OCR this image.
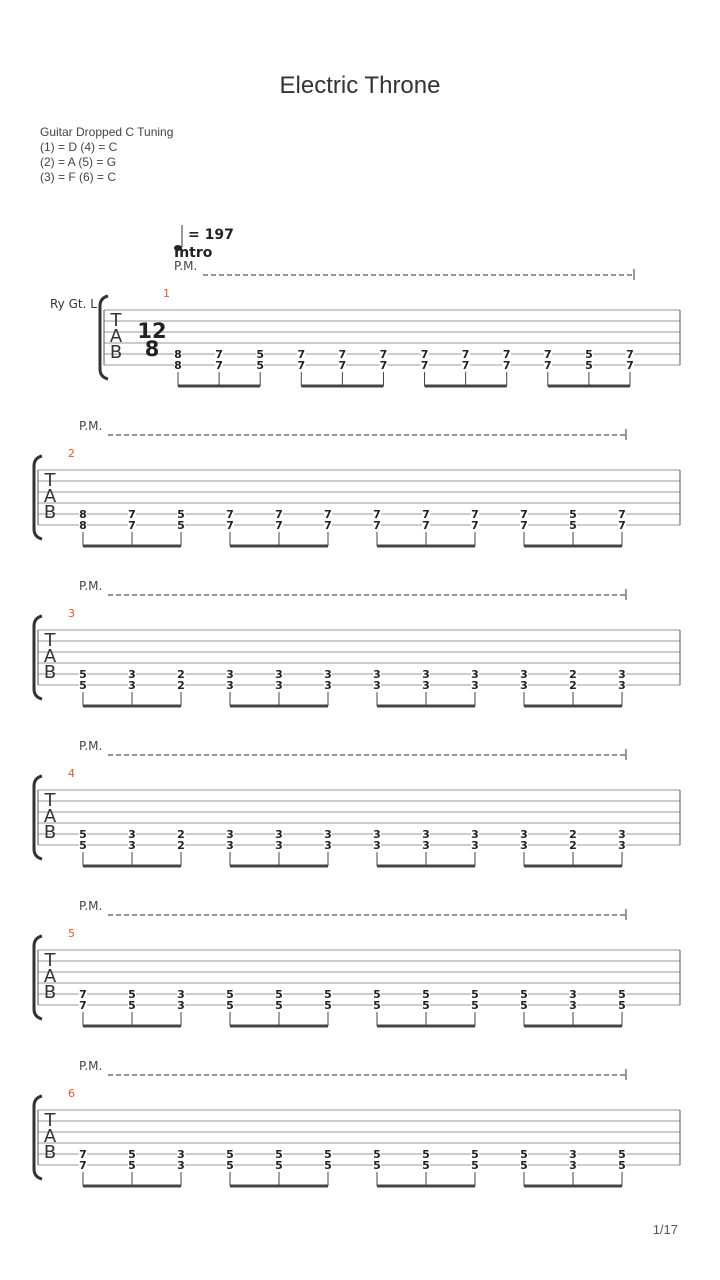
Electric Throne
Guitar Dropped C Tuning
(1) = D (4) = C
(2) = A (5) = G
(3) = F (6) = C
P.M.
1
T
A
B
Ry Gt. L
12
8
= 197
Intro
8
8
7
7
5
5
7
7
7
7
7
7
7
7
7
7
7
7
7
7
5
5
7
7
P.M.
2
T
A
B 8
8
7
7
5
5
7
7
7
7
7
7
7
7
7
7
7
7
7
7
5
5
7
7
P.M.
3
T
A
B 5
5
3
3
2
2
3
3
3
3
3
3
3
3
3
3
3
3
3
3
2
2
3
3
P.M.
4
T
A
B 5
5
3
3
2
2
3
3
3
3
3
3
3
3
3
3
3
3
3
3
2
2
3
3
P.M.
5
T
A
B 7
7
5
5
3
3
5
5
5
5
5
5
5
5
5
5
5
5
5
5
3
3
5
5
P.M.
6
T
A
B 7
7
5
5
3
3
5
5
5
5
5
5
5
5
5
5
5
5
5
5
3
3
5
5
1/17
